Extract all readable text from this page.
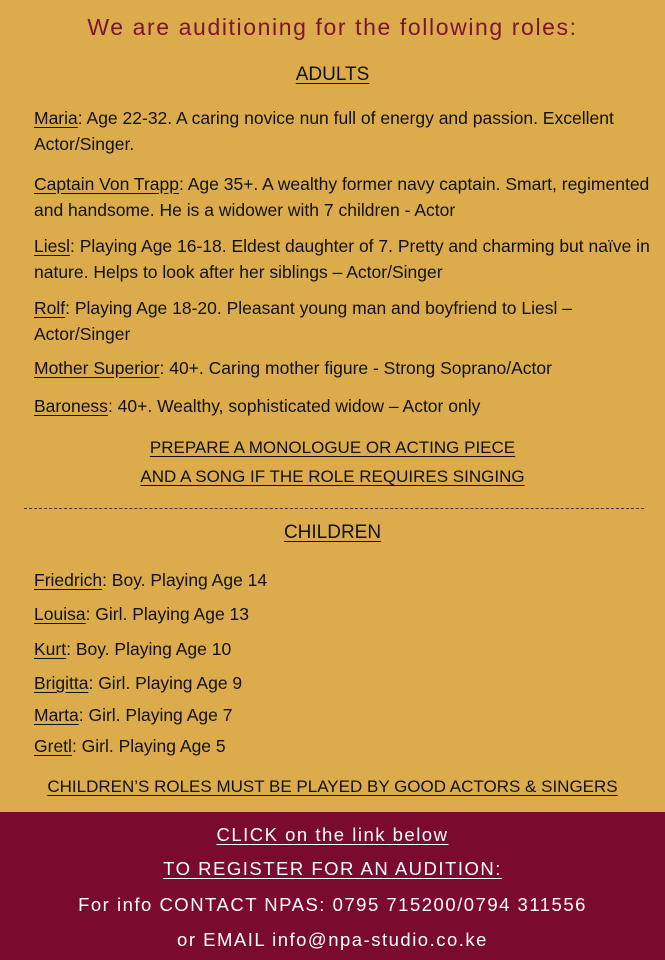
We are auditioning for the following roles:
ADULTS
Maria: Age 22-32. A caring novice nun full of energy and passion. Excellent Actor/Singer.
Captain Von Trapp: Age 35+. A wealthy former navy captain. Smart, regimented and handsome. He is a widower with 7 children - Actor
Liesl: Playing Age 16-18. Eldest daughter of 7. Pretty and charming but naïve in nature. Helps to look after her siblings – Actor/Singer
Rolf: Playing Age 18-20. Pleasant young man and boyfriend to Liesl – Actor/Singer
Mother Superior: 40+. Caring mother figure - Strong Soprano/Actor
Baroness: 40+. Wealthy, sophisticated widow – Actor only
PREPARE A MONOLOGUE OR ACTING PIECE
AND A SONG IF THE ROLE REQUIRES SINGING
CHILDREN
Friedrich: Boy. Playing Age 14
Louisa: Girl. Playing Age 13
Kurt: Boy. Playing Age 10
Brigitta: Girl. Playing Age 9
Marta: Girl. Playing Age 7
Gretl: Girl. Playing Age 5
CHILDREN’S ROLES MUST BE PLAYED BY GOOD ACTORS & SINGERS
CLICK on the link below
TO REGISTER FOR AN AUDITION:
For info CONTACT NPAS: 0795 715200/0794 311556
or EMAIL info@npa-studio.co.ke
